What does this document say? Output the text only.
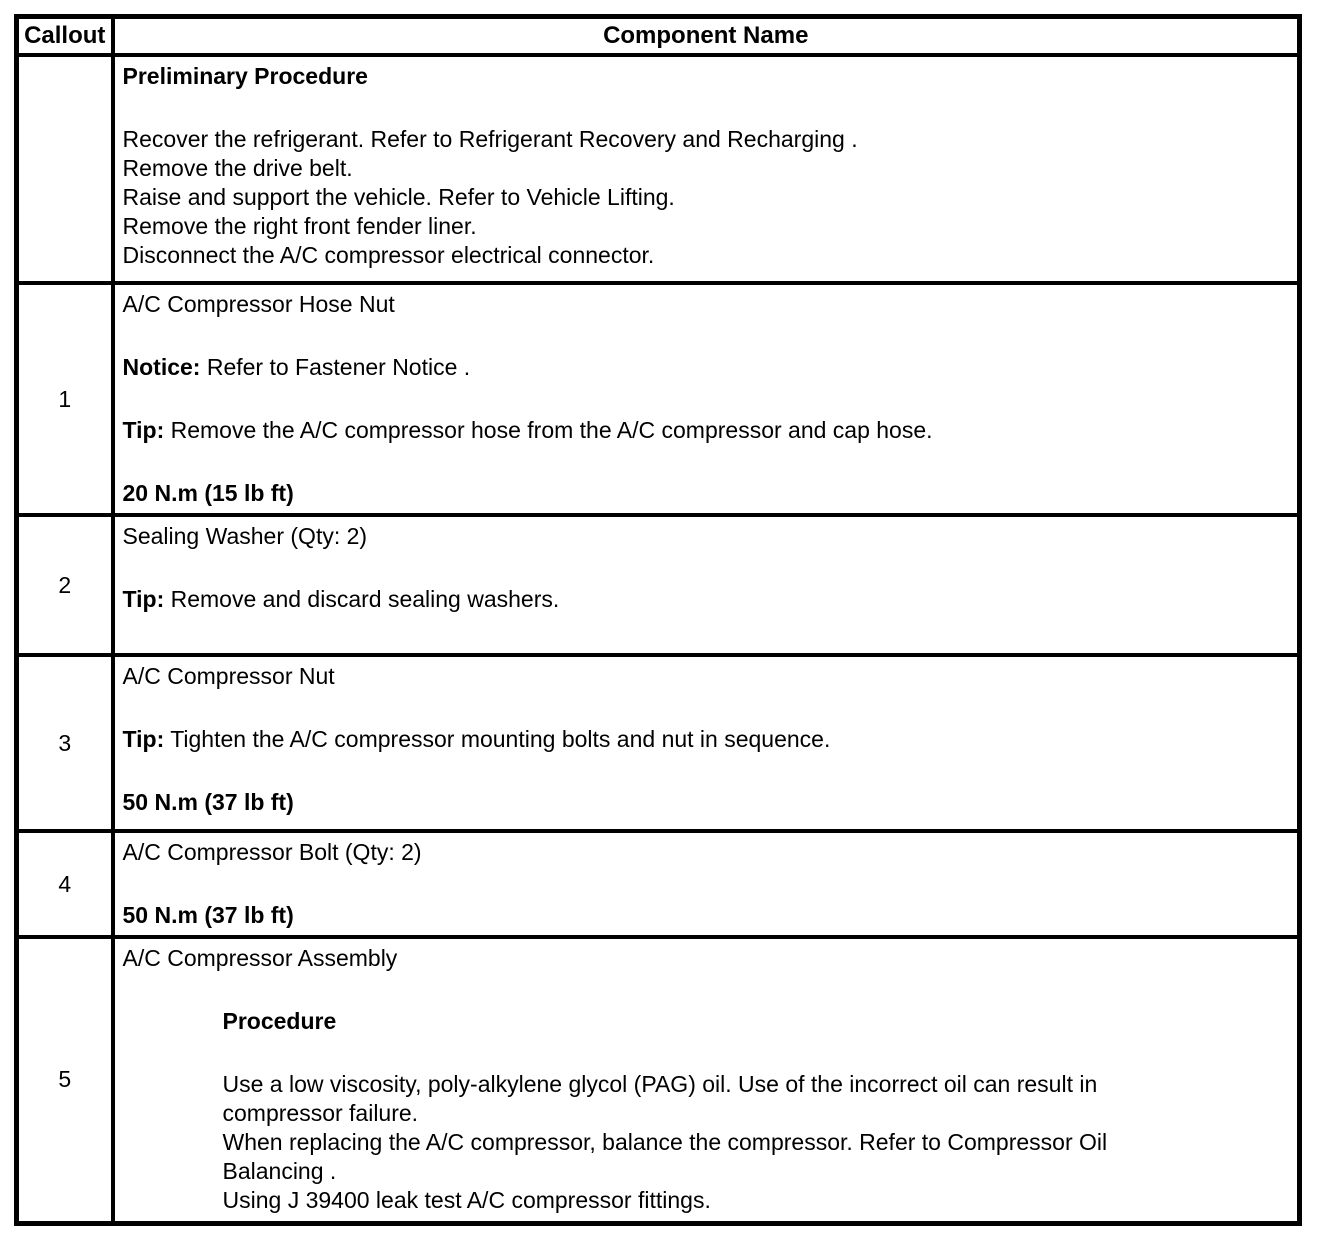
Callout	Component Name

Preliminary Procedure
Recover the refrigerant. Refer to Refrigerant Recovery and Recharging .
Remove the drive belt.
Raise and support the vehicle. Refer to Vehicle Lifting.
Remove the right front fender liner.
Disconnect the A/C compressor electrical connector.

1	A/C Compressor Hose Nut
Notice: Refer to Fastener Notice .
Tip: Remove the A/C compressor hose from the A/C compressor and cap hose.
20 N.m (15 lb ft)

2	Sealing Washer (Qty: 2)
Tip: Remove and discard sealing washers.

3	A/C Compressor Nut
Tip: Tighten the A/C compressor mounting bolts and nut in sequence.
50 N.m (37 lb ft)

4	A/C Compressor Bolt (Qty: 2)
50 N.m (37 lb ft)

5	A/C Compressor Assembly
Procedure
Use a low viscosity, poly-alkylene glycol (PAG) oil. Use of the incorrect oil can result in compressor failure.
When replacing the A/C compressor, balance the compressor. Refer to Compressor Oil Balancing .
Using J 39400 leak test A/C compressor fittings.
